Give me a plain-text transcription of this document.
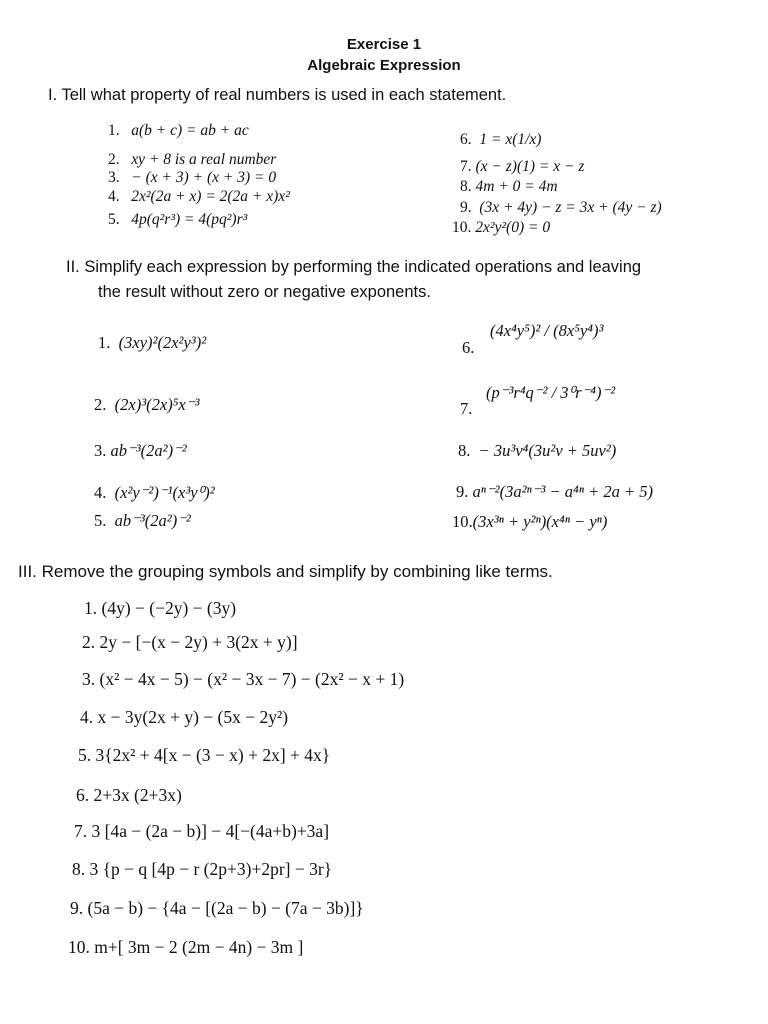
Exercise 1
Algebraic Expression
I. Tell what property of real numbers is used in each statement.
1. a(b + c) = ab + ac
2. xy + 8 is a real number
3. − (x + 3) + (x + 3) = 0
4. 2x²(2a + x) = 2(2a + x)x²
5. 4p(q²r³) = 4(pq²)r³
6. 1 = x(1/x)
7. (x − z)(1) = x − z
8. 4m + 0 = 4m
9. (3x + 4y) − z = 3x + (4y − z)
10. 2x²y²(0) = 0
II. Simplify each expression by performing the indicated operations and leaving
the result without zero or negative exponents.
1. (3xy)²(2x²y³)²
2. (2x)³(2x)⁵x⁻³
3. ab⁻³(2a²)⁻²
4. (x²y⁻²)⁻¹(x³y⁰)²
5. ab⁻³(2a²)⁻²
6.
(4x⁴y⁵)² / (8x⁵y⁴)³
7.
(p⁻³r⁴q⁻² / 3⁰r⁻⁴)⁻²
8. − 3u³v⁴(3u²v + 5uv²)
9. aⁿ⁻²(3a²ⁿ⁻³ − a⁴ⁿ + 2a + 5)
10.(3x³ⁿ + y²ⁿ)(x⁴ⁿ − yⁿ)
III. Remove the grouping symbols and simplify by combining like terms.
1. (4y) − (−2y) − (3y)
2. 2y − [−(x − 2y) + 3(2x + y)]
3. (x² − 4x − 5) − (x² − 3x − 7) − (2x² − x + 1)
4. x − 3y(2x + y) − (5x − 2y²)
5. 3{2x² + 4[x − (3 − x) + 2x] + 4x}
6. 2+3x (2+3x)
7. 3 [4a − (2a − b)] − 4[−(4a+b)+3a]
8. 3 {p − q [4p − r (2p+3)+2pr] − 3r}
9. (5a − b) − {4a − [(2a − b) − (7a − 3b)]}
10. m+[ 3m − 2 (2m − 4n) − 3m ]
